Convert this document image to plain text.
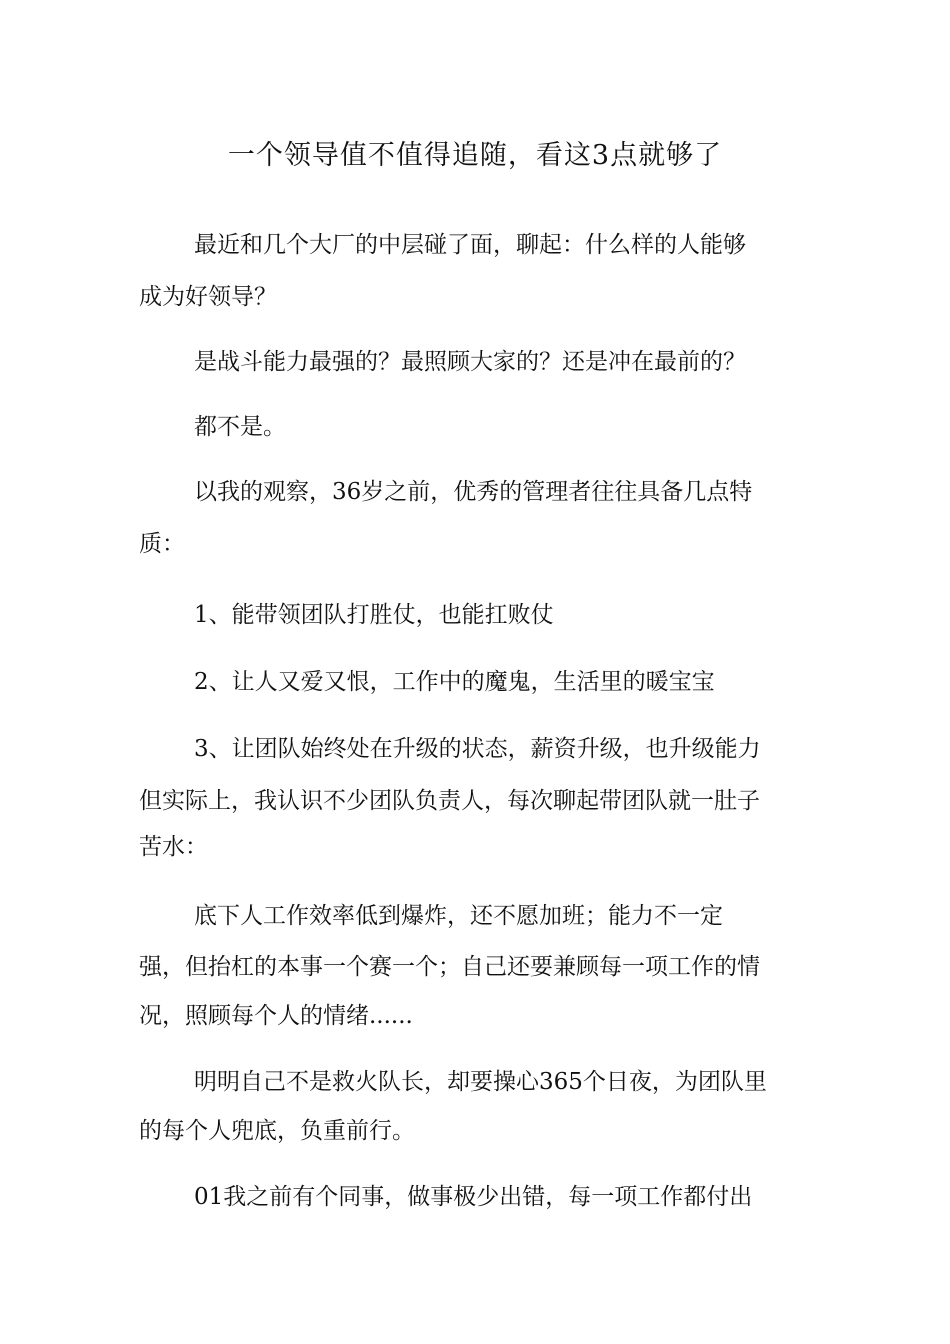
一个领导值不值得追随，看这3点就够了
最近和几个大厂的中层碰了面，聊起：什么样的人能够
成为好领导？
是战斗能力最强的？最照顾大家的？还是冲在最前的？
都不是。
以我的观察，36岁之前，优秀的管理者往往具备几点特
质：
1、能带领团队打胜仗，也能扛败仗
2、让人又爱又恨，工作中的魔鬼，生活里的暖宝宝
3、让团队始终处在升级的状态，薪资升级，也升级能力
但实际上，我认识不少团队负责人，每次聊起带团队就一肚子
苦水：
底下人工作效率低到爆炸，还不愿加班；能力不一定
强，但抬杠的本事一个赛一个；自己还要兼顾每一项工作的情
况，照顾每个人的情绪......
明明自己不是救火队长，却要操心365个日夜，为团队里
的每个人兜底，负重前行。
01我之前有个同事，做事极少出错，每一项工作都付出
